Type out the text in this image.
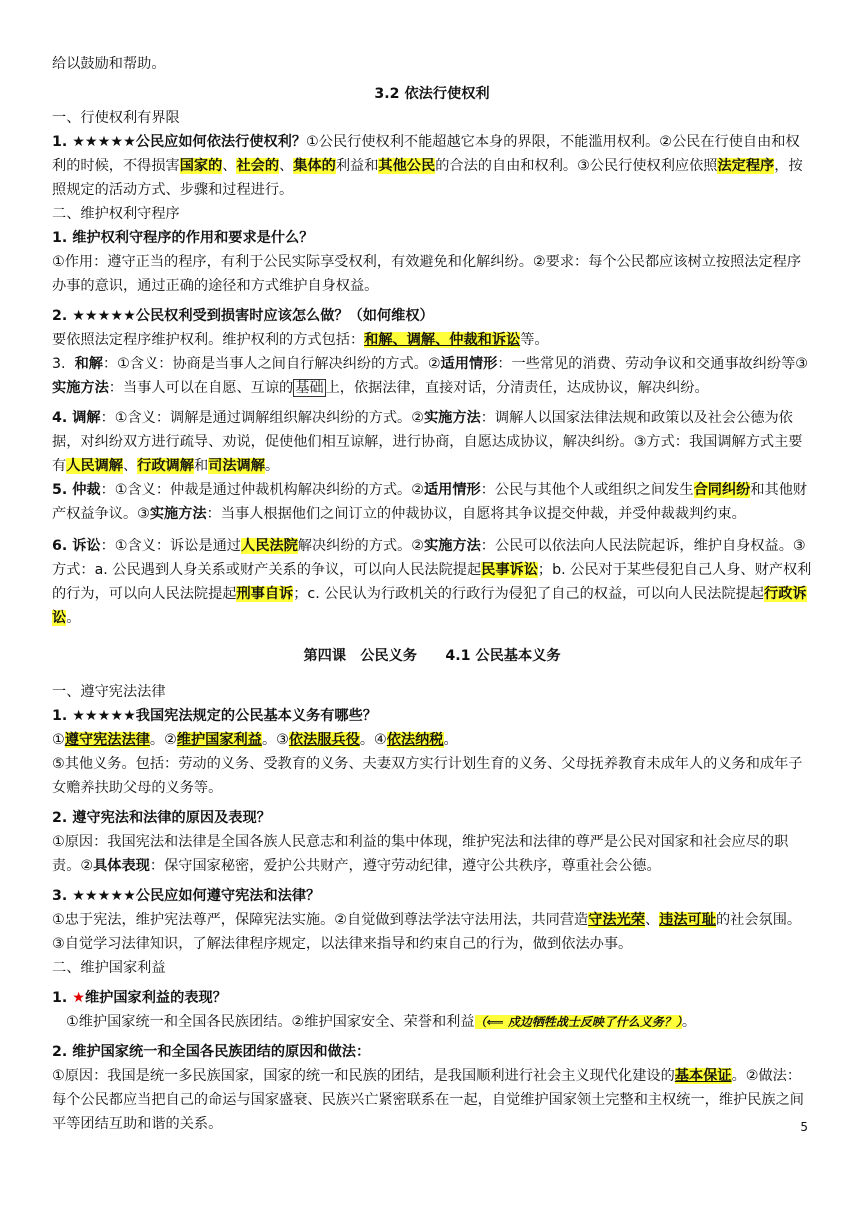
给以鼓励和帮助。

3.2 依法行使权利

一、行使权利有界限

1. ★★★★★公民应如何依法行使权利？①公民行使权利不能超越它本身的界限，不能滥用权利。②公民在行使自由和权利的时候，不得损害国家的、社会的、集体的利益和其他公民的合法的自由和权利。③公民行使权利应依照法定程序，按照规定的活动方式、步骤和过程进行。

二、维护权利守程序

1. 维护权利守程序的作用和要求是什么？

①作用：遵守正当的程序，有利于公民实际享受权利，有效避免和化解纠纷。②要求：每个公民都应该树立按照法定程序办事的意识，通过正确的途径和方式维护自身权益。

2. ★★★★★公民权利受到损害时应该怎么做？（如何维权）
要依照法定程序维护权利。维护权利的方式包括：和解、调解、仲裁和诉讼等。

3. 和解：①含义：协商是当事人之间自行解决纠纷的方式。②适用情形：一些常见的消费、劳动争议和交通事故纠纷等③实施方法：当事人可以在自愿、互谅的 基础 上，依据法律，直接对话，分清责任，达成协议，解决纠纷。

4. 调解：①含义：调解是通过调解组织解决纠纷的方式。②实施方法：调解人以国家法律法规和政策以及社会公德为依据，对纠纷双方进行疏导、劝说，促使他们相互谅解，进行协商，自愿达成协议，解决纠纷。③方式：我国调解方式主要有人民调解、行政调解和司法调解。

5. 仲裁：①含义：仲裁是通过仲裁机构解决纠纷的方式。②适用情形：公民与其他个人或组织之间发生合同纠纷和其他财产权益争议。③实施方法：当事人根据他们之间订立的仲裁协议，自愿将其争议提交仲裁，并受仲裁裁判约束。

6. 诉讼：①含义：诉讼是通过人民法院解决纠纷的方式。②实施方法：公民可以依法向人民法院起诉，维护自身权益。③方式：a. 公民遇到人身关系或财产关系的争议，可以向人民法院提起民事诉讼；b. 公民对于某些侵犯自己人身、财产权利的行为，可以向人民法院提起刑事自诉；c. 公民认为行政机关的行政行为侵犯了自己的权益，可以向人民法院提起行政诉讼。

第四课　公民义务　　4.1 公民基本义务

一、遵守宪法法律

1. ★★★★★我国宪法规定的公民基本义务有哪些？

①遵守宪法法律。②维护国家利益。③依法服兵役。④依法纳税。

⑤其他义务。包括：劳动的义务、受教育的义务、夫妻双方实行计划生育的义务、父母抚养教育未成年人的义务和成年子女赡养扶助父母的义务等。

2. 遵守宪法和法律的原因及表现？

①原因：我国宪法和法律是全国各族人民意志和利益的集中体现，维护宪法和法律的尊严是公民对国家和社会应尽的职责。②具体表现：保守国家秘密，爱护公共财产，遵守劳动纪律，遵守公共秩序，尊重社会公德。

3. ★★★★★公民应如何遵守宪法和法律？

①忠于宪法，维护宪法尊严，保障宪法实施。②自觉做到尊法学法守法用法，共同营造守法光荣、违法可耻的社会氛围。③自觉学习法律知识，了解法律程序规定，以法律来指导和约束自己的行为，做到依法办事。

二、维护国家利益

1. ★维护国家利益的表现？

①维护国家统一和全国各民族团结。②维护国家安全、荣誉和利益（⟸ 戍边牺牲战士反映了什么义务？）。

2. 维护国家统一和全国各民族团结的原因和做法：

①原因：我国是统一多民族国家，国家的统一和民族的团结，是我国顺利进行社会主义现代化建设的基本保证。②做法：每个公民都应当把自己的命运与国家盛衰、民族兴亡紧密联系在一起，自觉维护国家领土完整和主权统一，维护民族之间平等团结互助和谐的关系。	5
